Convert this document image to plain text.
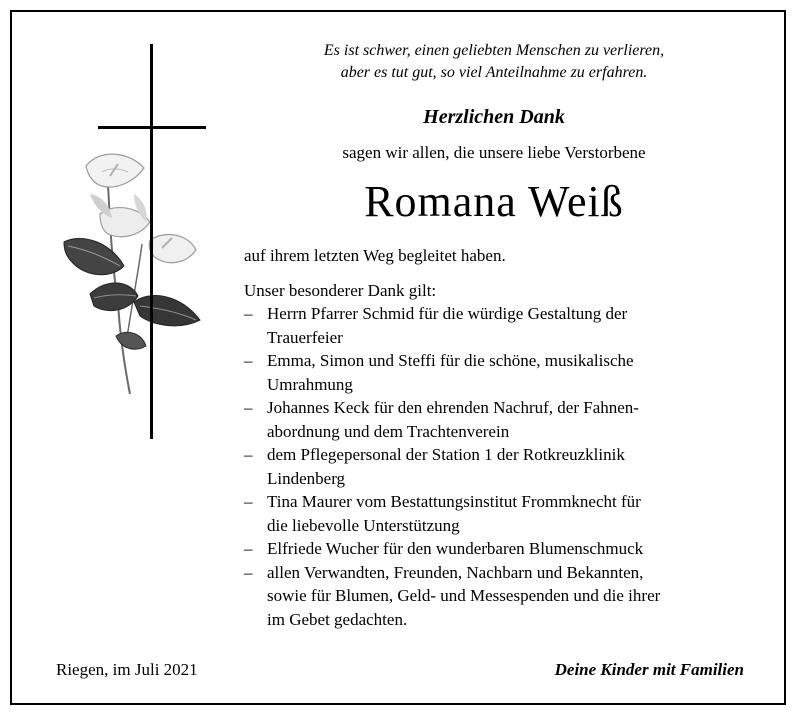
Es ist schwer, einen geliebten Menschen zu verlieren,
aber es tut gut, so viel Anteilnahme zu erfahren.

Herzlichen Dank

sagen wir allen, die unsere liebe Verstorbene

Romana Weiß

auf ihrem letzten Weg begleitet haben.

Unser besonderer Dank gilt:

– Herrn Pfarrer Schmid für die würdige Gestaltung der
Trauerfeier
– Emma, Simon und Steffi für die schöne, musikalische
Umrahmung
– Johannes Keck für den ehrenden Nachruf, der Fahnen-
abordnung und dem Trachtenverein
– dem Pflegepersonal der Station 1 der Rotkreuzklinik
Lindenberg
– Tina Maurer vom Bestattungsinstitut Frommknecht für
die liebevolle Unterstützung
– Elfriede Wucher für den wunderbaren Blumenschmuck
– allen Verwandten, Freunden, Nachbarn und Bekannten,
sowie für Blumen, Geld- und Messespenden und die ihrer
im Gebet gedachten.

Riegen, im Juli 2021	Deine Kinder mit Familien
